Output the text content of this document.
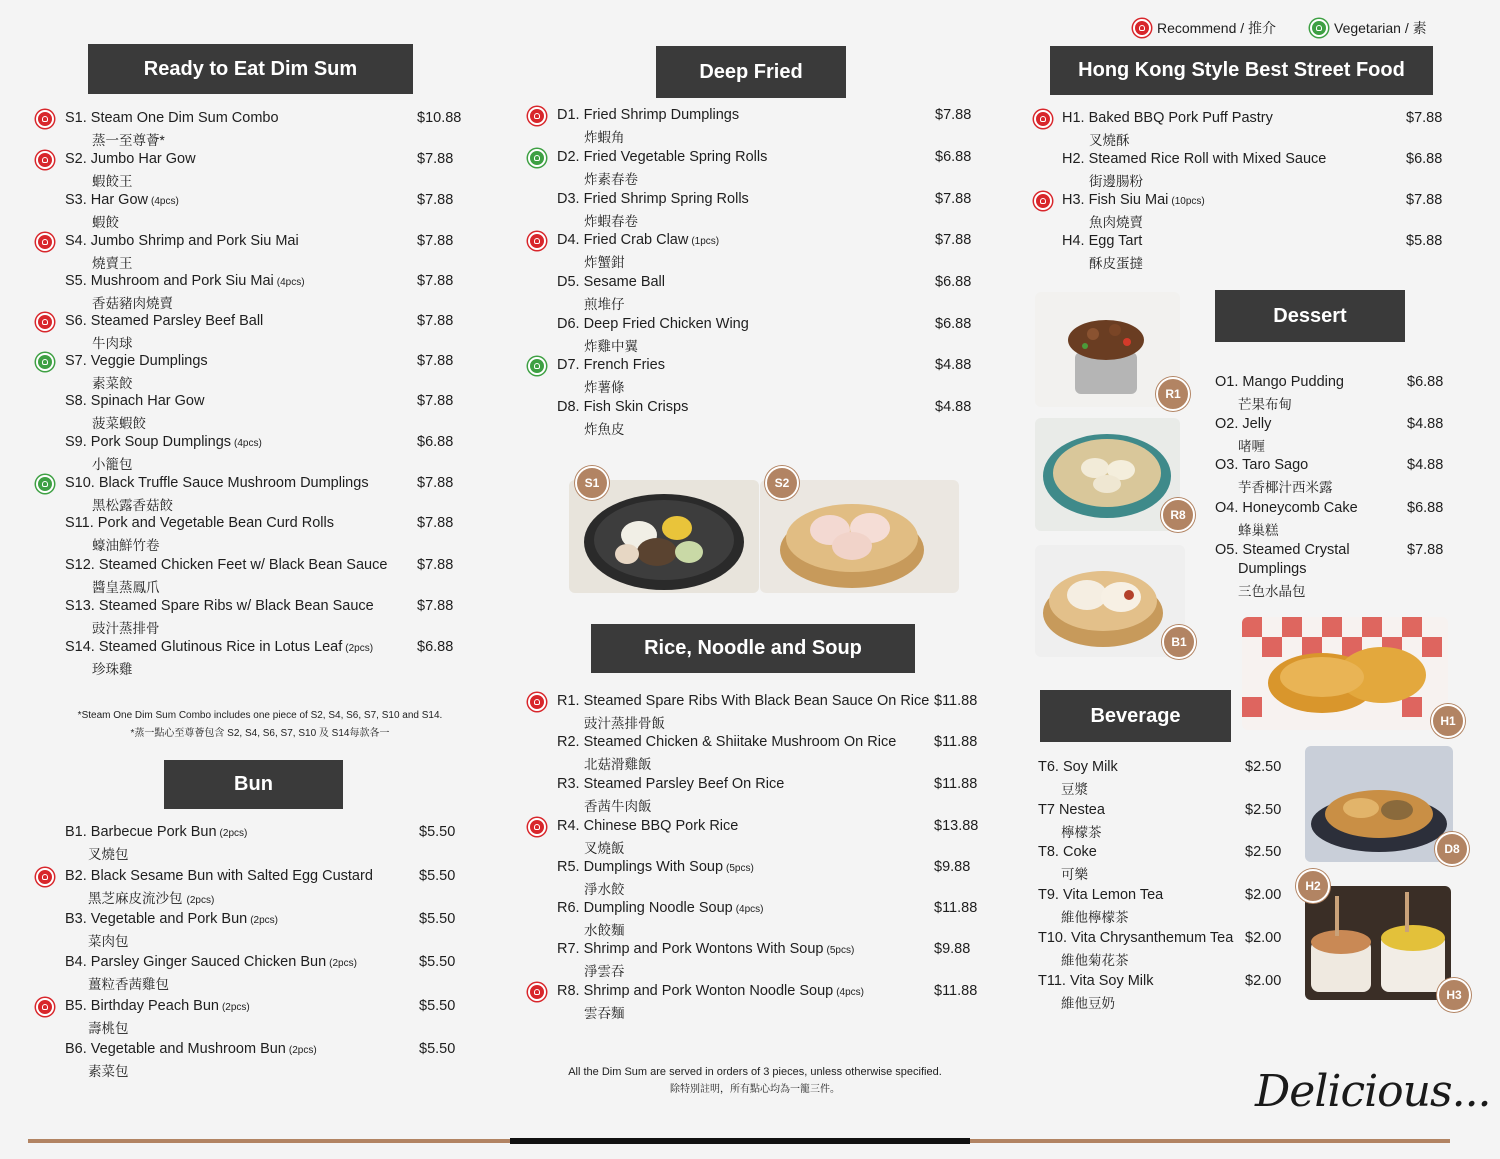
Recommend / 推介	Vegetarian / 素
Ready to Eat Dim Sum	Deep Fried	Hong Kong Style Best Street Food
Bun
Rice, Noodle and Soup
Dessert
Beverage
S1. Steam One Dim Sum Combo
蒸一至尊薈*
$10.88
S2. Jumbo Har Gow
蝦餃王
$7.88
S3. Har Gow (4pcs)
蝦餃
$7.88
S4. Jumbo Shrimp and Pork Siu Mai
燒賣王
$7.88
S5. Mushroom and Pork Siu Mai (4pcs)
香菇豬肉燒賣
$7.88
S6. Steamed Parsley Beef Ball
牛肉球
$7.88
S7. Veggie Dumplings
素菜餃
$7.88
S8. Spinach Har Gow
菠菜蝦餃
$7.88
S9. Pork Soup Dumplings (4pcs)
小籠包
$6.88
S10. Black Truffle Sauce Mushroom Dumplings
黑松露香菇餃
$7.88
S11. Pork and Vegetable Bean Curd Rolls
蠔油鮮竹卷
$7.88
S12. Steamed Chicken Feet w/ Black Bean Sauce
醬皇蒸鳳爪
$7.88
S13. Steamed Spare Ribs w/ Black Bean Sauce
豉汁蒸排骨
$7.88
S14. Steamed Glutinous Rice in Lotus Leaf (2pcs)
珍珠雞
$6.88
B1. Barbecue Pork Bun (2pcs)
叉燒包
$5.50
B2. Black Sesame Bun with Salted Egg Custard
黑芝麻皮流沙包 (2pcs)
$5.50
B3. Vegetable and Pork Bun (2pcs)
菜肉包
$5.50
B4. Parsley Ginger Sauced Chicken Bun (2pcs)
薑粒香茜雞包
$5.50
B5. Birthday Peach Bun (2pcs)
壽桃包
$5.50
B6. Vegetable and Mushroom Bun (2pcs)
素菜包
$5.50
D1. Fried Shrimp Dumplings
炸蝦角
$7.88
D2. Fried Vegetable Spring Rolls
炸素春卷
$6.88
D3. Fried Shrimp Spring Rolls
炸蝦春卷
$7.88
D4. Fried Crab Claw (1pcs)
炸蟹鉗
$7.88
D5. Sesame Ball
煎堆仔
$6.88
D6. Deep Fried Chicken Wing
炸雞中翼
$6.88
D7. French Fries
炸薯條
$4.88
D8. Fish Skin Crisps
炸魚皮
$4.88
R1. Steamed Spare Ribs With Black Bean Sauce On Rice
豉汁蒸排骨飯
$11.88
R2. Steamed Chicken & Shiitake Mushroom On Rice
北菇滑雞飯
$11.88
R3. Steamed Parsley Beef On Rice
香茜牛肉飯
$11.88
R4. Chinese BBQ Pork Rice
叉燒飯
$13.88
R5. Dumplings With Soup (5pcs)
淨水餃
$9.88
R6. Dumpling Noodle Soup (4pcs)
水餃麵
$11.88
R7. Shrimp and Pork Wontons With Soup (5pcs)
淨雲吞
$9.88
R8. Shrimp and Pork Wonton Noodle Soup (4pcs)
雲吞麵
$11.88
H1. Baked BBQ Pork Puff Pastry
叉燒酥
$7.88
H2. Steamed Rice Roll with Mixed Sauce
街邊腸粉
$6.88
H3. Fish Siu Mai (10pcs)
魚肉燒賣
$7.88
H4. Egg Tart
酥皮蛋撻
$5.88
O1. Mango Pudding
芒果布甸
$6.88
O2. Jelly
啫喱
$4.88
O3. Taro Sago
芋香椰汁西米露
$4.88
O4. Honeycomb Cake
蜂巢糕
$6.88
O5. Steamed Crystal
Dumplings
三色水晶包
$7.88
T6. Soy Milk
豆漿
$2.50
T7 Nestea
檸檬茶
$2.50
T8. Coke
可樂
$2.50
T9. Vita Lemon Tea
維他檸檬茶
$2.00
T10. Vita Chrysanthemum Tea
維他菊花茶
$2.00
T11. Vita Soy Milk
維他豆奶
$2.00
*Steam One Dim Sum Combo includes one piece of S2, S4, S6, S7, S10 and S14.
*蒸一點心至尊薈包含 S2, S4, S6, S7, S10 及 S14每款各一
All the Dim Sum are served in orders of 3 pieces, unless otherwise specified.
除特別註明，所有點心均為一籠三件。
S1	S2
R1
R8
B1
H1
D8
H2
H3
Delicious...
